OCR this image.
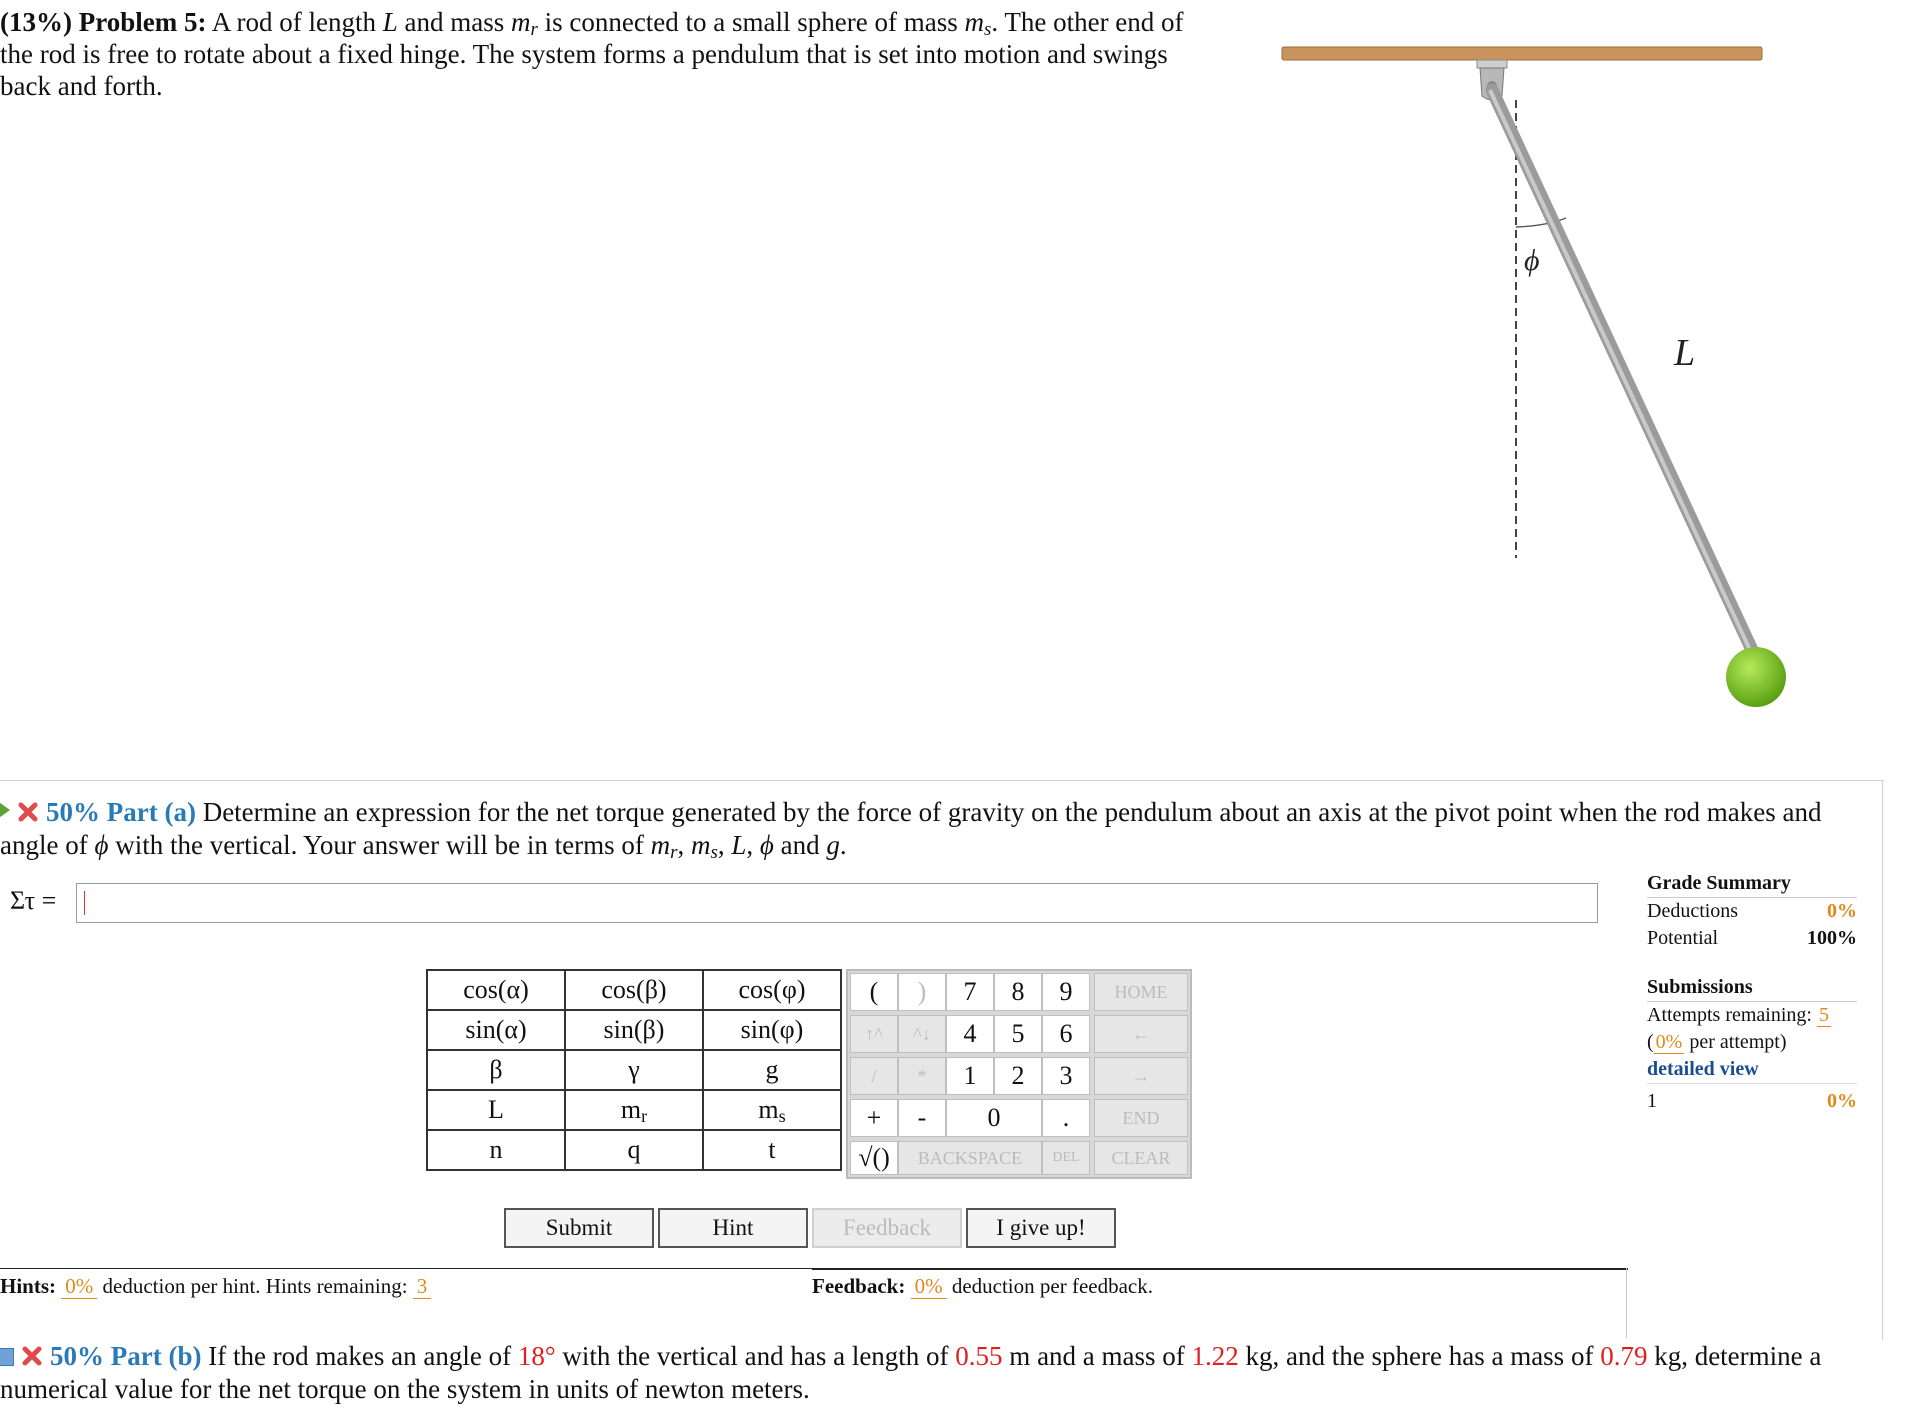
(13%) Problem 5: A rod of length L and mass $m_r$ is connected to a small sphere of mass $m_s$. The other end of the rod is free to rotate about a fixed hinge. The system forms a pendulum that is set into motion and swings back and forth.
ϕ
L
50% Part (a) Determine an expression for the net torque generated by the force of gravity on the pendulum about an axis at the pivot point when the rod makes and angle of ϕ with the vertical. Your answer will be in terms of $m_r$, $m_s$, L, ϕ and g.
Στ =
cos(α)	cos(β)	cos(φ)
sin(α)	sin(β)	sin(φ)
β	γ	g
L	$m_r$	$m_s$
n	q	t
(	)	7	8	9	HOME
↑^	^↓	4	5	6	←
/	*	1	2	3	→
+	-	0	.	END
√()	BACKSPACE	DEL	CLEAR
Submit	Hint	Feedback	I give up!
Hints: 0% deduction per hint. Hints remaining: 3	Feedback: 0% deduction per feedback.
Grade Summary
Deductions	0%
Potential	100%
Submissions
Attempts remaining: 5
( 0% per attempt)
detailed view
1	0%
50% Part (b) If the rod makes an angle of 18° with the vertical and has a length of 0.55 m and a mass of 1.22 kg, and the sphere has a mass of 0.79 kg, determine a numerical value for the net torque on the system in units of newton meters.
